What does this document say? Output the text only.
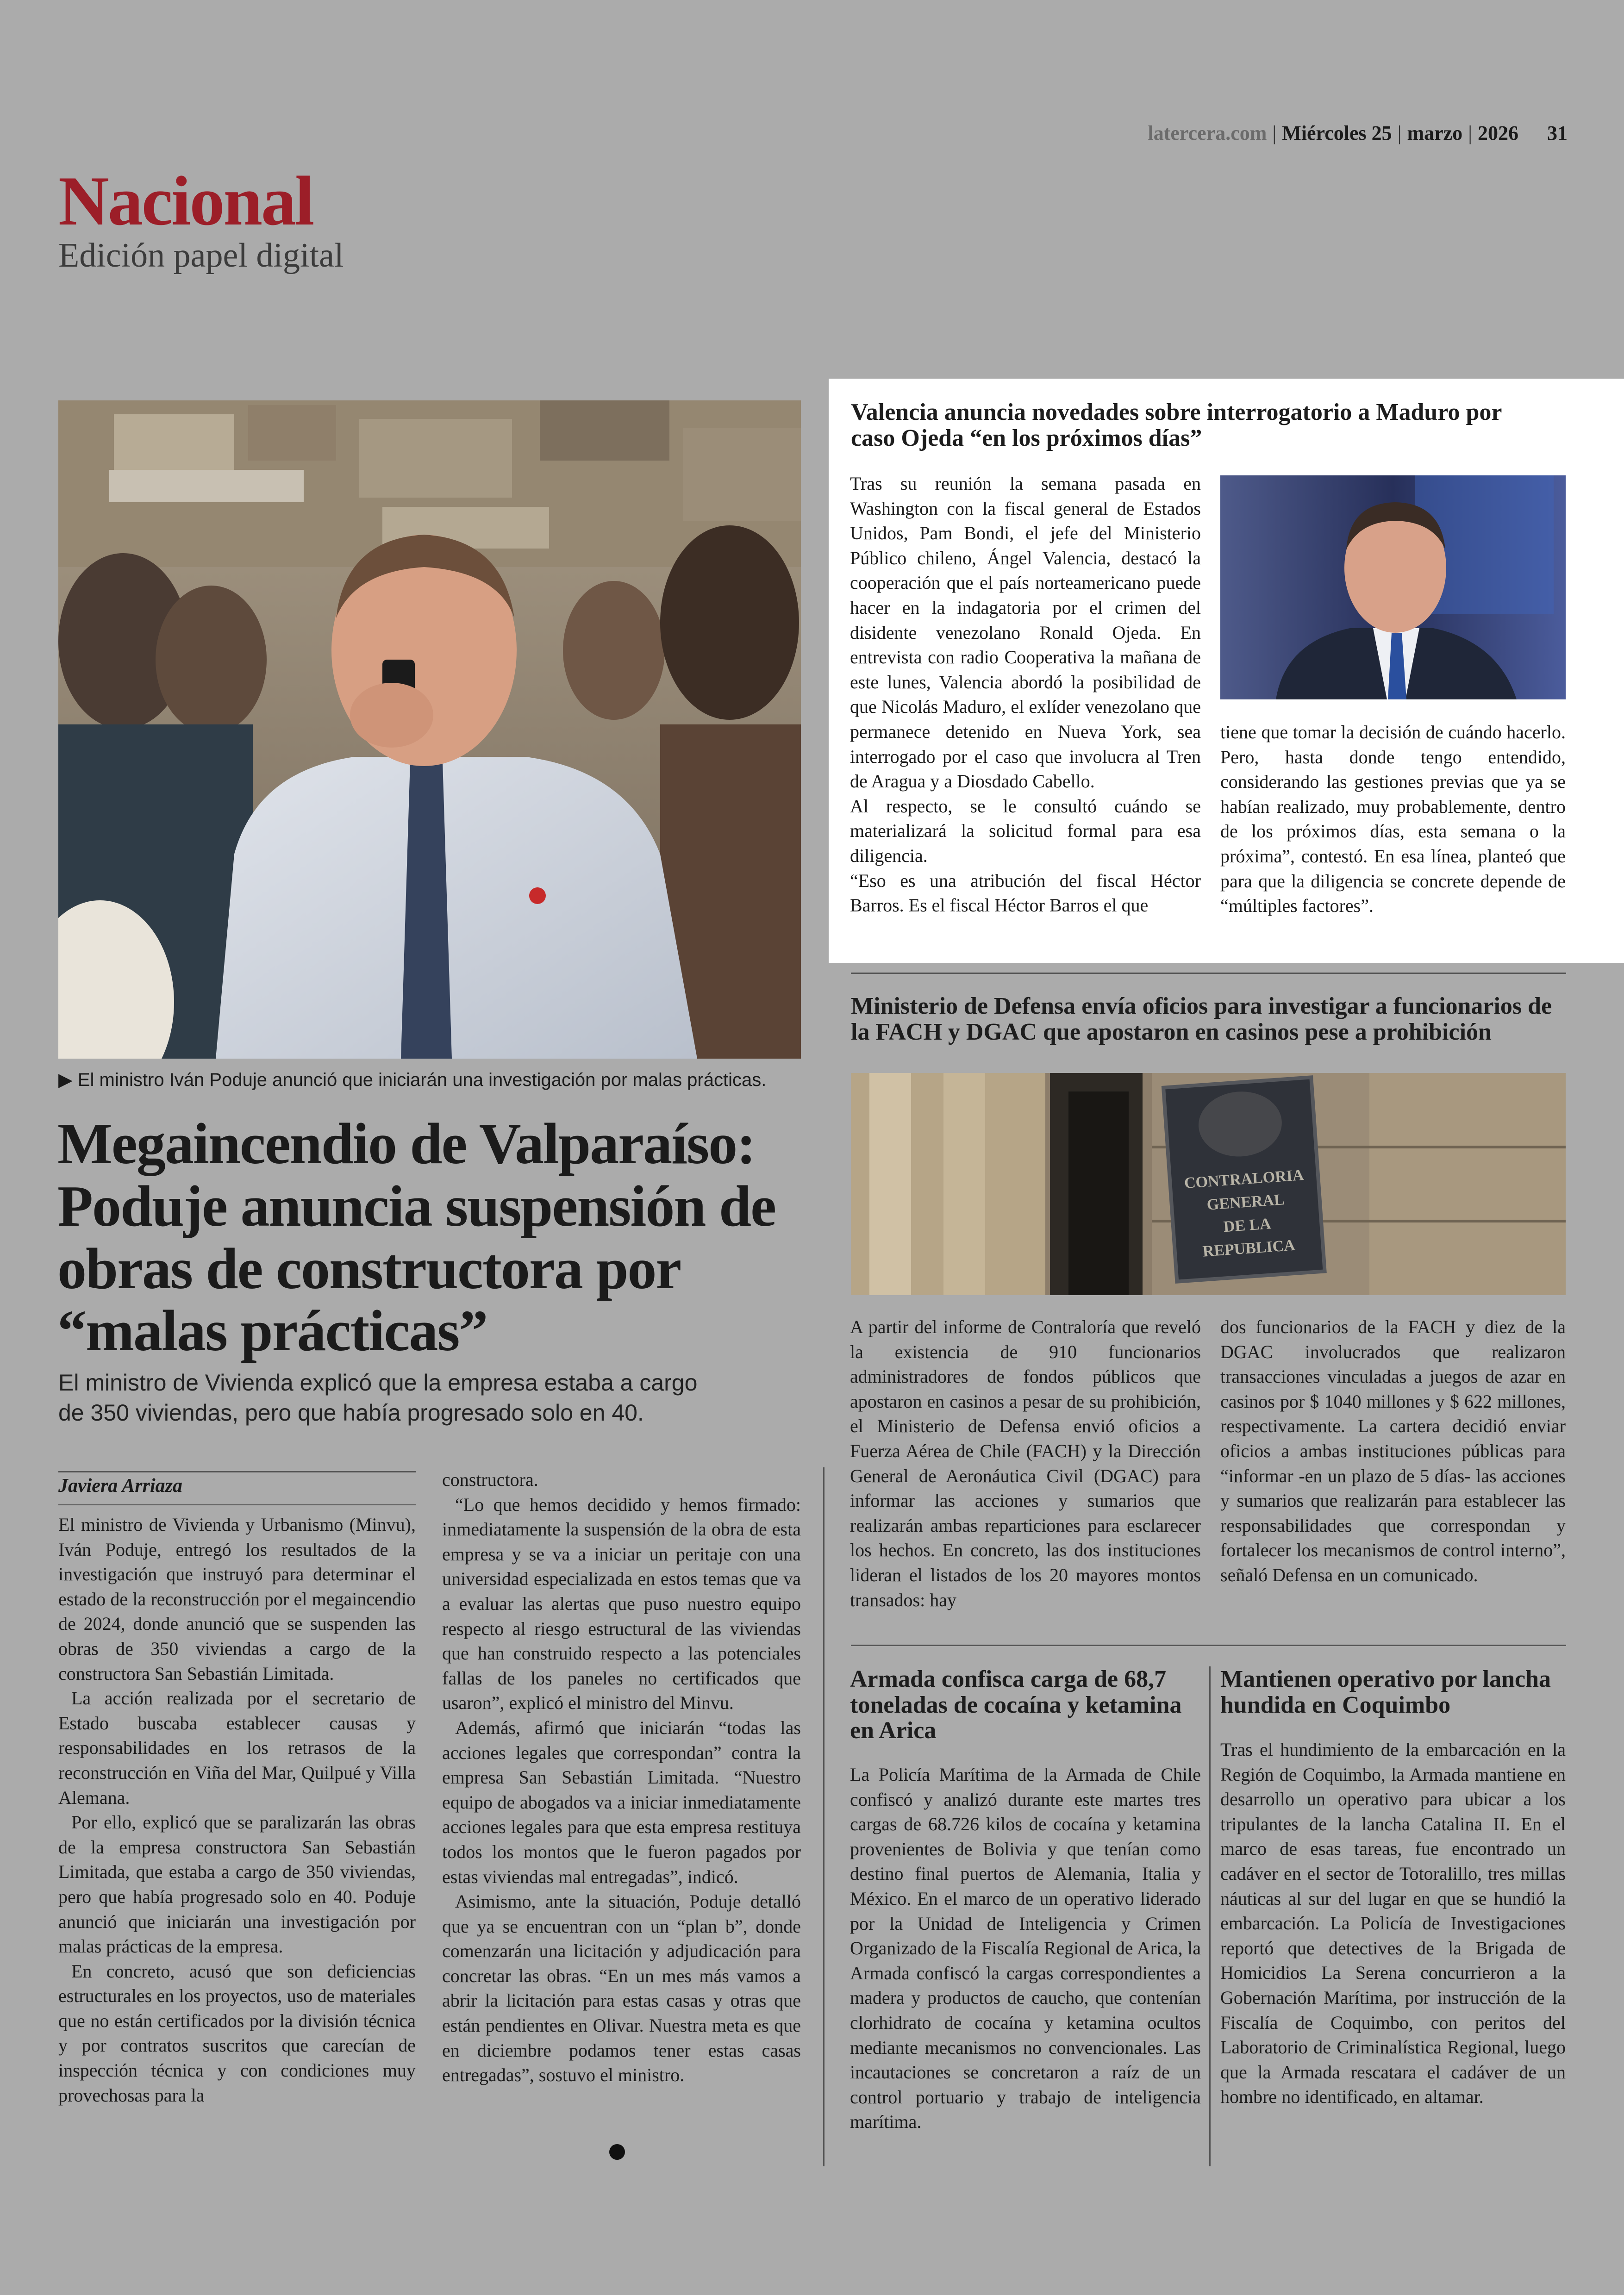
latercera.com | Miércoles 25 | marzo | 2026 31
Nacional
Edición papel digital
▶ El ministro Iván Poduje anunció que iniciarán una investigación por malas prácticas.
Megaincendio de Valparaíso: Poduje anuncia suspensión de obras de constructora por “malas prácticas”

El ministro de Vivienda explicó que la empresa estaba a cargo de 350 viviendas, pero que había progresado solo en 40.

Javiera Arriaza

El ministro de Vivienda y Urbanismo (Minvu), Iván Poduje, entregó los resultados de la investigación que instruyó para determinar el estado de la reconstrucción por el megaincendio de 2024, donde anunció que se suspenden las obras de 350 viviendas a cargo de la constructora San Sebastián Limitada.

La acción realizada por el secretario de Estado buscaba establecer causas y responsabilidades en los retrasos de la reconstrucción en Viña del Mar, Quilpué y Villa Alemana.

Por ello, explicó que se paralizarán las obras de la empresa constructora San Sebastián Limitada, que estaba a cargo de 350 viviendas, pero que había progresado solo en 40. Poduje anunció que iniciarán una investigación por malas prácticas de la empresa.

En concreto, acusó que son deficiencias estructurales en los proyectos, uso de materiales que no están certificados por la división técnica y por contratos suscritos que carecían de inspección técnica y con condiciones muy provechosas para la

constructora.

“Lo que hemos decidido y hemos firmado: inmediatamente la suspensión de la obra de esta empresa y se va a iniciar un peritaje con una universidad especializada en estos temas que va a evaluar las alertas que puso nuestro equipo respecto al riesgo estructural de las viviendas que han construido respecto a las potenciales fallas de los paneles no certificados que usaron”, explicó el ministro del Minvu.

Además, afirmó que iniciarán “todas las acciones legales que correspondan” contra la empresa San Sebastián Limitada. “Nuestro equipo de abogados va a iniciar inmediatamente acciones legales para que esta empresa restituya todos los montos que le fueron pagados por estas viviendas mal entregadas”, indicó.

Asimismo, ante la situación, Poduje detalló que ya se encuentran con un “plan b”, donde comenzarán una licitación y adjudicación para concretar las obras. “En un mes más vamos a abrir la licitación para estas casas y otras que están pendientes en Olivar. Nuestra meta es que en diciembre podamos tener estas casas entregadas”, sostuvo el ministro.

Valencia anuncia novedades sobre interrogatorio a Maduro por caso Ojeda “en los próximos días”

Tras su reunión la semana pasada en Washington con la fiscal general de Estados Unidos, Pam Bondi, el jefe del Ministerio Público chileno, Ángel Valencia, destacó la cooperación que el país norteamericano puede hacer en la indagatoria por el crimen del disidente venezolano Ronald Ojeda. En entrevista con radio Cooperativa la mañana de este lunes, Valencia abordó la posibilidad de que Nicolás Maduro, el exlíder venezolano que permanece detenido en Nueva York, sea interrogado por el caso que involucra al Tren de Aragua y a Diosdado Cabello.

Al respecto, se le consultó cuándo se materializará la solicitud formal para esa diligencia.

“Eso es una atribución del fiscal Héctor Barros. Es el fiscal Héctor Barros el que

tiene que tomar la decisión de cuándo hacerlo. Pero, hasta donde tengo entendido, considerando las gestiones previas que ya se habían realizado, muy probablemente, dentro de los próximos días, esta semana o la próxima”, contestó. En esa línea, planteó que para que la diligencia se concrete depende de “múltiples factores”.

Ministerio de Defensa envía oficios para investigar a funcionarios de la FACH y DGAC que apostaron en casinos pese a prohibición
CONTRALORIA
GENERAL
DE LA
REPUBLICA

A partir del informe de Contraloría que reveló la existencia de 910 funcionarios administradores de fondos públicos que apostaron en casinos a pesar de su prohibición, el Ministerio de Defensa envió oficios a Fuerza Aérea de Chile (FACH) y la Dirección General de Aeronáutica Civil (DGAC) para informar las acciones y sumarios que realizarán ambas reparticiones para esclarecer los hechos. En concreto, las dos instituciones lideran el listados de los 20 mayores montos transados: hay

dos funcionarios de la FACH y diez de la DGAC involucrados que realizaron transacciones vinculadas a juegos de azar en casinos por $ 1040 millones y $ 622 millones, respectivamente. La cartera decidió enviar oficios a ambas instituciones públicas para “informar -en un plazo de 5 días- las acciones y sumarios que realizarán para establecer las responsabilidades que correspondan y fortalecer los mecanismos de control interno”, señaló Defensa en un comunicado.

Armada confisca carga de 68,7 toneladas de cocaína y ketamina en Arica

La Policía Marítima de la Armada de Chile confiscó y analizó durante este martes tres cargas de 68.726 kilos de cocaína y ketamina provenientes de Bolivia y que tenían como destino final puertos de Alemania, Italia y México. En el marco de un operativo liderado por la Unidad de Inteligencia y Crimen Organizado de la Fiscalía Regional de Arica, la Armada confiscó la cargas correspondientes a madera y productos de caucho, que contenían clorhidrato de cocaína y ketamina ocultos mediante mecanismos no convencionales. Las incautaciones se concretaron a raíz de un control portuario y trabajo de inteligencia marítima.

Mantienen operativo por lancha hundida en Coquimbo

Tras el hundimiento de la embarcación en la Región de Coquimbo, la Armada mantiene en desarrollo un operativo para ubicar a los tripulantes de la lancha Catalina II. En el marco de esas tareas, fue encontrado un cadáver en el sector de Totoralillo, tres millas náuticas al sur del lugar en que se hundió la embarcación. La Policía de Investigaciones reportó que detectives de la Brigada de Homicidios La Serena concurrieron a la Gobernación Marítima, por instrucción de la Fiscalía de Coquimbo, con peritos del Laboratorio de Criminalística Regional, luego que la Armada rescatara el cadáver de un hombre no identificado, en altamar.
